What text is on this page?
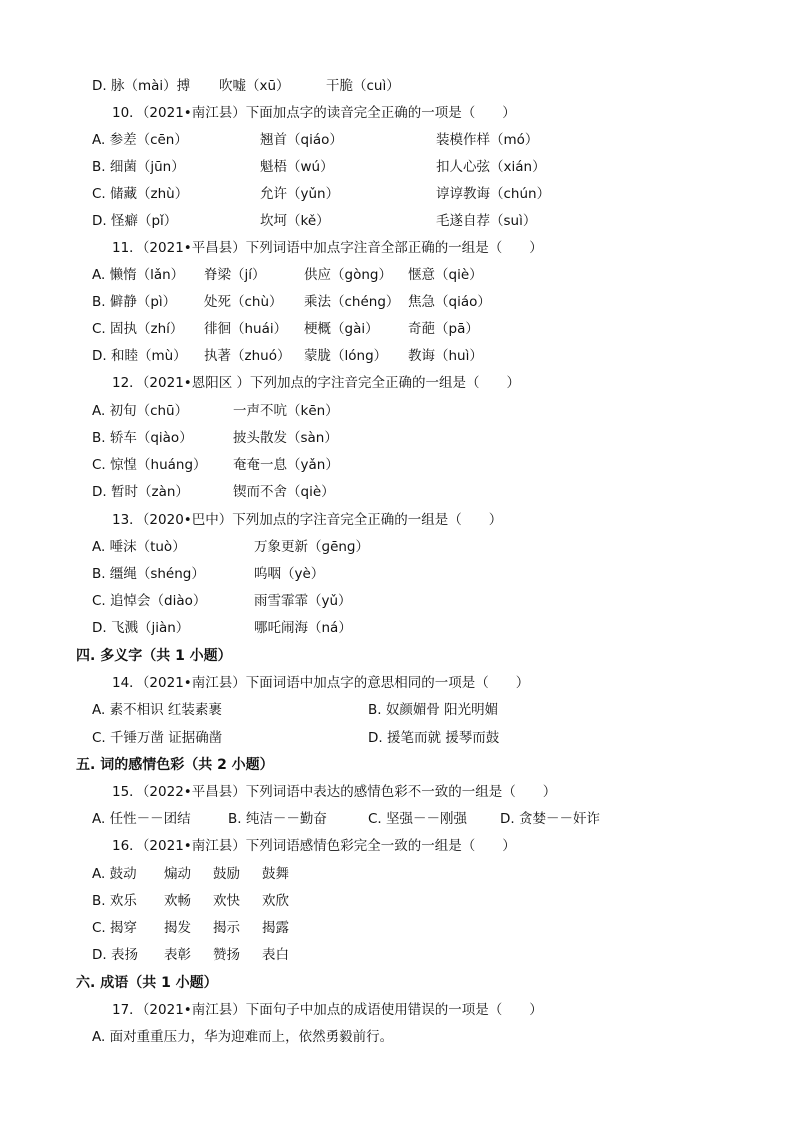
D. 脉（mài）搏 吹嘘（xū）	干脆（cuì）
10．（2021•南江县）下面加点字的读音完全正确的一项是（　　）
A. 参差（cēn）	翘首（qiáo）	装模作样（mó）
B. 细菌（jūn）	魁梧（wú）	扣人心弦（xián）
C. 储藏（zhù）	允许（yǔn）	谆谆教诲（chún）
D. 怪癖（pǐ）	坎坷（kě）	毛遂自荐（suì）
11．（2021•平昌县）下列词语中加点字注音全部正确的一组是（　　）
A. 懒惰（lǎn） 脊梁（jí）	供应（gòng） 惬意（qiè）
B. 僻静（pì） 处死（chù） 乘法（chéng） 焦急（qiáo）
C. 固执（zhí） 徘徊（huái） 梗概（gài） 奇葩（pā）
D. 和睦（mù） 执著（zhuó） 蒙胧（lóng） 教诲（huì）
12．（2021•恩阳区 ）下列加点的字注音完全正确的一组是（　　）
A. 初旬（chū）	一声不吭（kēn）
B. 轿车（qiào）	披头散发（sàn）
C. 惊惶（huáng） 奄奄一息（yǎn）
D. 暂时（zàn）	锲而不舍（qiè）
13．（2020•巴中）下列加点的字注音完全正确的一组是（　　）
A. 唾沫（tuò）	万象更新（ɡēnɡ）
B. 缰绳（shéng）	呜咽（yè）
C. 追悼会（diào）	雨雪霏霏（yǔ）
D. 飞溅（jiàn）	哪吒闹海（ná）
四. 多义字（共 1 小题）
14．（2021•南江县）下面词语中加点字的意思相同的一项是（　　）
A. 素不相识 红装素裹	B. 奴颜媚骨 阳光明媚
C. 千锤万凿 证据确凿	D. 援笔而就 援琴而鼓
五. 词的感情色彩（共 2 小题）
15．（2022•平昌县）下列词语中表达的感情色彩不一致的一组是（　　）
A. 任性－－团结	B. 纯洁－－勤奋	C. 坚强－－刚强 D. 贪婪－－奸诈
16．（2021•南江县）下列词语感情色彩完全一致的一组是（　　）
A. 鼓动 煽动 鼓励 鼓舞
B. 欢乐 欢畅 欢快 欢欣
C. 揭穿 揭发 揭示 揭露
D. 表扬 表彰 赞扬 表白
六. 成语（共 1 小题）
17．（2021•南江县）下面句子中加点的成语使用错误的一项是（　　）
A. 面对重重压力，华为迎难而上，依然勇毅前行。
